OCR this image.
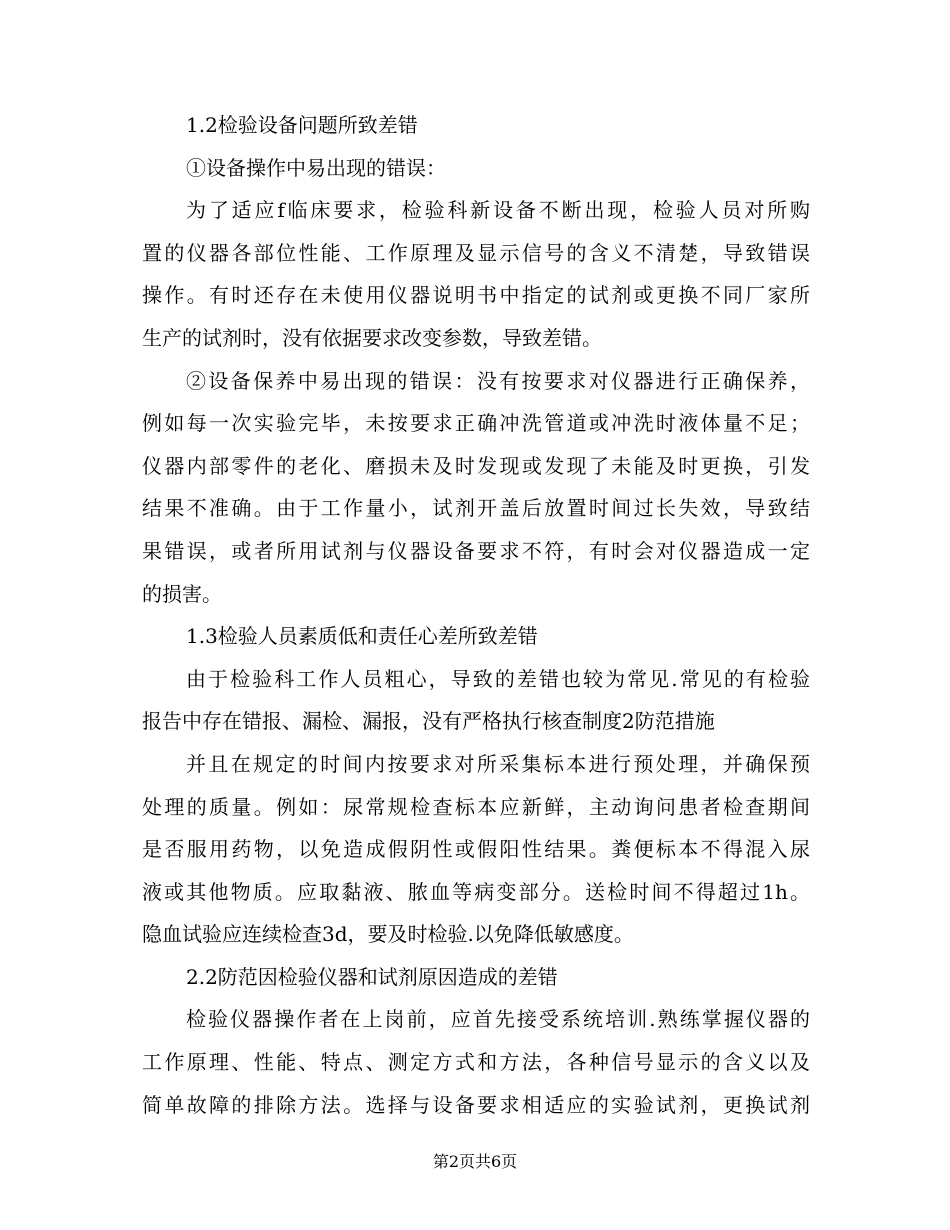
1.2检验设备问题所致差错
①设备操作中易出现的错误：
为了适应f临床要求，检验科新设备不断出现，检验人员对所购
置的仪器各部位性能、工作原理及显示信号的含义不清楚，导致错误
操作。有时还存在未使用仪器说明书中指定的试剂或更换不同厂家所
生产的试剂时，没有依据要求改变参数，导致差错。
②设备保养中易出现的错误：没有按要求对仪器进行正确保养，
例如每一次实验完毕，未按要求正确冲洗管道或冲洗时液体量不足；
仪器内部零件的老化、磨损未及时发现或发现了未能及时更换，引发
结果不准确。由于工作量小，试剂开盖后放置时间过长失效，导致结
果错误，或者所用试剂与仪器设备要求不符，有时会对仪器造成一定
的损害。
1.3检验人员素质低和责任心差所致差错
由于检验科工作人员粗心，导致的差错也较为常见.常见的有检验
报告中存在错报、漏检、漏报，没有严格执行核查制度2防范措施
并且在规定的时间内按要求对所采集标本进行预处理，并确保预
处理的质量。例如：尿常规检查标本应新鲜，主动询问患者检查期间
是否服用药物，以免造成假阴性或假阳性结果。粪便标本不得混入尿
液或其他物质。应取黏液、脓血等病变部分。送检时间不得超过1h。
隐血试验应连续检查3d，要及时检验.以免降低敏感度。
2.2防范因检验仪器和试剂原因造成的差错
检验仪器操作者在上岗前，应首先接受系统培训.熟练掌握仪器的
工作原理、性能、特点、测定方式和方法，各种信号显示的含义以及
简单故障的排除方法。选择与设备要求相适应的实验试剂，更换试剂
第2页共6页
